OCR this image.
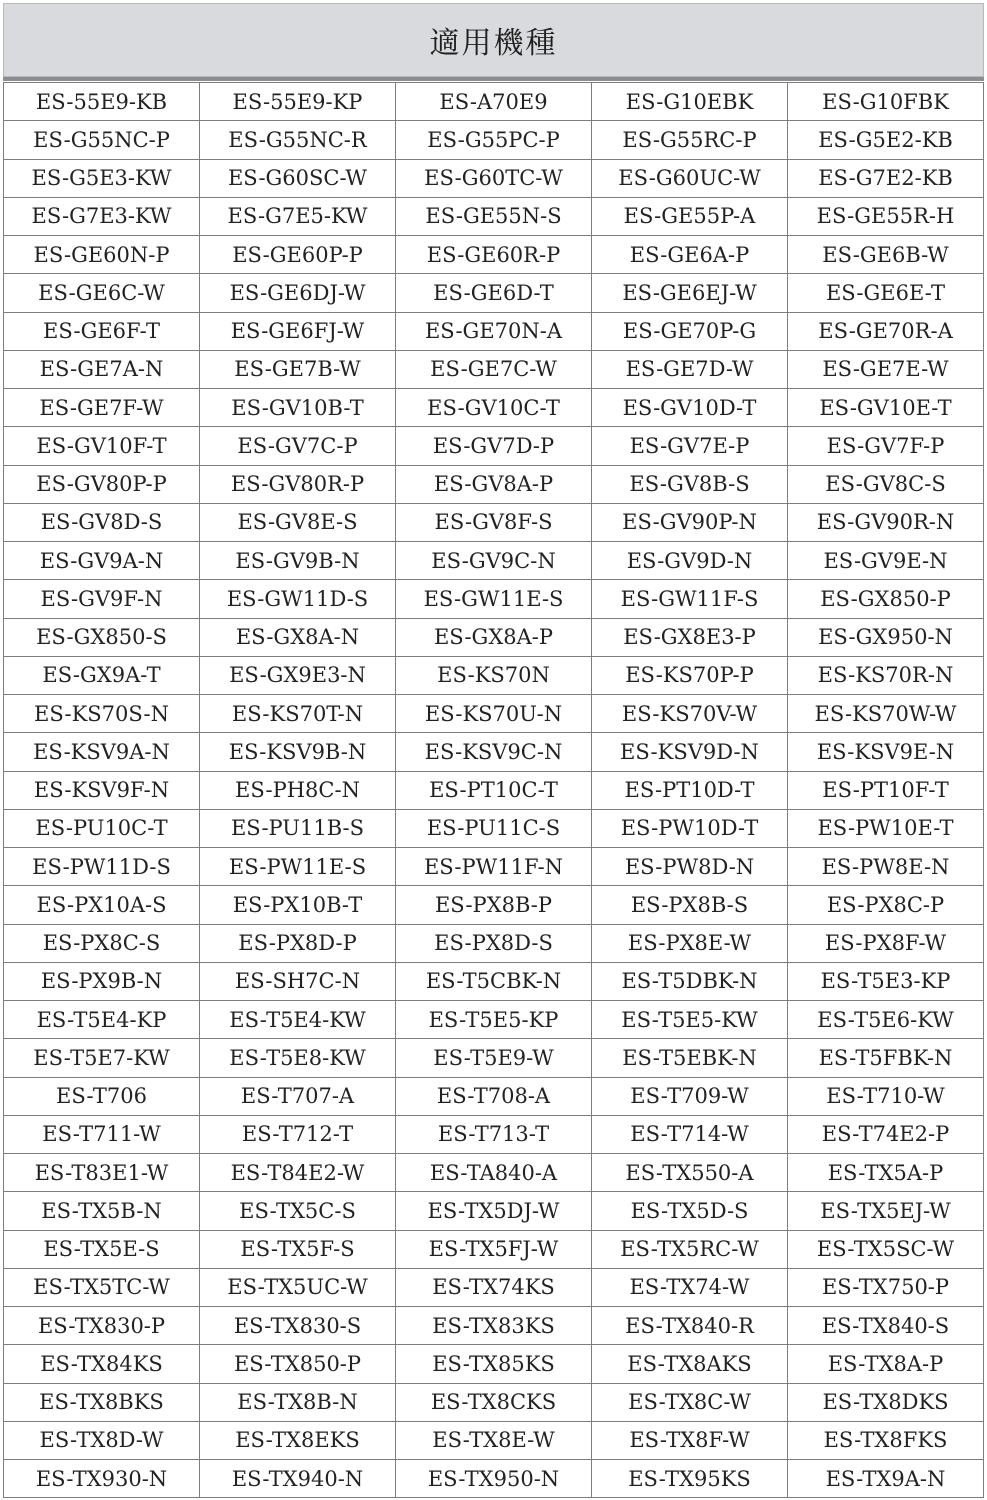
適用機種
ES-55E9-KB	ES-55E9-KP	ES-A70E9	ES-G10EBK	ES-G10FBK
ES-G55NC-P	ES-G55NC-R	ES-G55PC-P	ES-G55RC-P	ES-G5E2-KB
ES-G5E3-KW	ES-G60SC-W	ES-G60TC-W	ES-G60UC-W	ES-G7E2-KB
ES-G7E3-KW	ES-G7E5-KW	ES-GE55N-S	ES-GE55P-A	ES-GE55R-H
ES-GE60N-P	ES-GE60P-P	ES-GE60R-P	ES-GE6A-P	ES-GE6B-W
ES-GE6C-W	ES-GE6DJ-W	ES-GE6D-T	ES-GE6EJ-W	ES-GE6E-T
ES-GE6F-T	ES-GE6FJ-W	ES-GE70N-A	ES-GE70P-G	ES-GE70R-A
ES-GE7A-N	ES-GE7B-W	ES-GE7C-W	ES-GE7D-W	ES-GE7E-W
ES-GE7F-W	ES-GV10B-T	ES-GV10C-T	ES-GV10D-T	ES-GV10E-T
ES-GV10F-T	ES-GV7C-P	ES-GV7D-P	ES-GV7E-P	ES-GV7F-P
ES-GV80P-P	ES-GV80R-P	ES-GV8A-P	ES-GV8B-S	ES-GV8C-S
ES-GV8D-S	ES-GV8E-S	ES-GV8F-S	ES-GV90P-N	ES-GV90R-N
ES-GV9A-N	ES-GV9B-N	ES-GV9C-N	ES-GV9D-N	ES-GV9E-N
ES-GV9F-N	ES-GW11D-S	ES-GW11E-S	ES-GW11F-S	ES-GX850-P
ES-GX850-S	ES-GX8A-N	ES-GX8A-P	ES-GX8E3-P	ES-GX950-N
ES-GX9A-T	ES-GX9E3-N	ES-KS70N	ES-KS70P-P	ES-KS70R-N
ES-KS70S-N	ES-KS70T-N	ES-KS70U-N	ES-KS70V-W	ES-KS70W-W
ES-KSV9A-N	ES-KSV9B-N	ES-KSV9C-N	ES-KSV9D-N	ES-KSV9E-N
ES-KSV9F-N	ES-PH8C-N	ES-PT10C-T	ES-PT10D-T	ES-PT10F-T
ES-PU10C-T	ES-PU11B-S	ES-PU11C-S	ES-PW10D-T	ES-PW10E-T
ES-PW11D-S	ES-PW11E-S	ES-PW11F-N	ES-PW8D-N	ES-PW8E-N
ES-PX10A-S	ES-PX10B-T	ES-PX8B-P	ES-PX8B-S	ES-PX8C-P
ES-PX8C-S	ES-PX8D-P	ES-PX8D-S	ES-PX8E-W	ES-PX8F-W
ES-PX9B-N	ES-SH7C-N	ES-T5CBK-N	ES-T5DBK-N	ES-T5E3-KP
ES-T5E4-KP	ES-T5E4-KW	ES-T5E5-KP	ES-T5E5-KW	ES-T5E6-KW
ES-T5E7-KW	ES-T5E8-KW	ES-T5E9-W	ES-T5EBK-N	ES-T5FBK-N
ES-T706	ES-T707-A	ES-T708-A	ES-T709-W	ES-T710-W
ES-T711-W	ES-T712-T	ES-T713-T	ES-T714-W	ES-T74E2-P
ES-T83E1-W	ES-T84E2-W	ES-TA840-A	ES-TX550-A	ES-TX5A-P
ES-TX5B-N	ES-TX5C-S	ES-TX5DJ-W	ES-TX5D-S	ES-TX5EJ-W
ES-TX5E-S	ES-TX5F-S	ES-TX5FJ-W	ES-TX5RC-W	ES-TX5SC-W
ES-TX5TC-W	ES-TX5UC-W	ES-TX74KS	ES-TX74-W	ES-TX750-P
ES-TX830-P	ES-TX830-S	ES-TX83KS	ES-TX840-R	ES-TX840-S
ES-TX84KS	ES-TX850-P	ES-TX85KS	ES-TX8AKS	ES-TX8A-P
ES-TX8BKS	ES-TX8B-N	ES-TX8CKS	ES-TX8C-W	ES-TX8DKS
ES-TX8D-W	ES-TX8EKS	ES-TX8E-W	ES-TX8F-W	ES-TX8FKS
ES-TX930-N	ES-TX940-N	ES-TX950-N	ES-TX95KS	ES-TX9A-N
